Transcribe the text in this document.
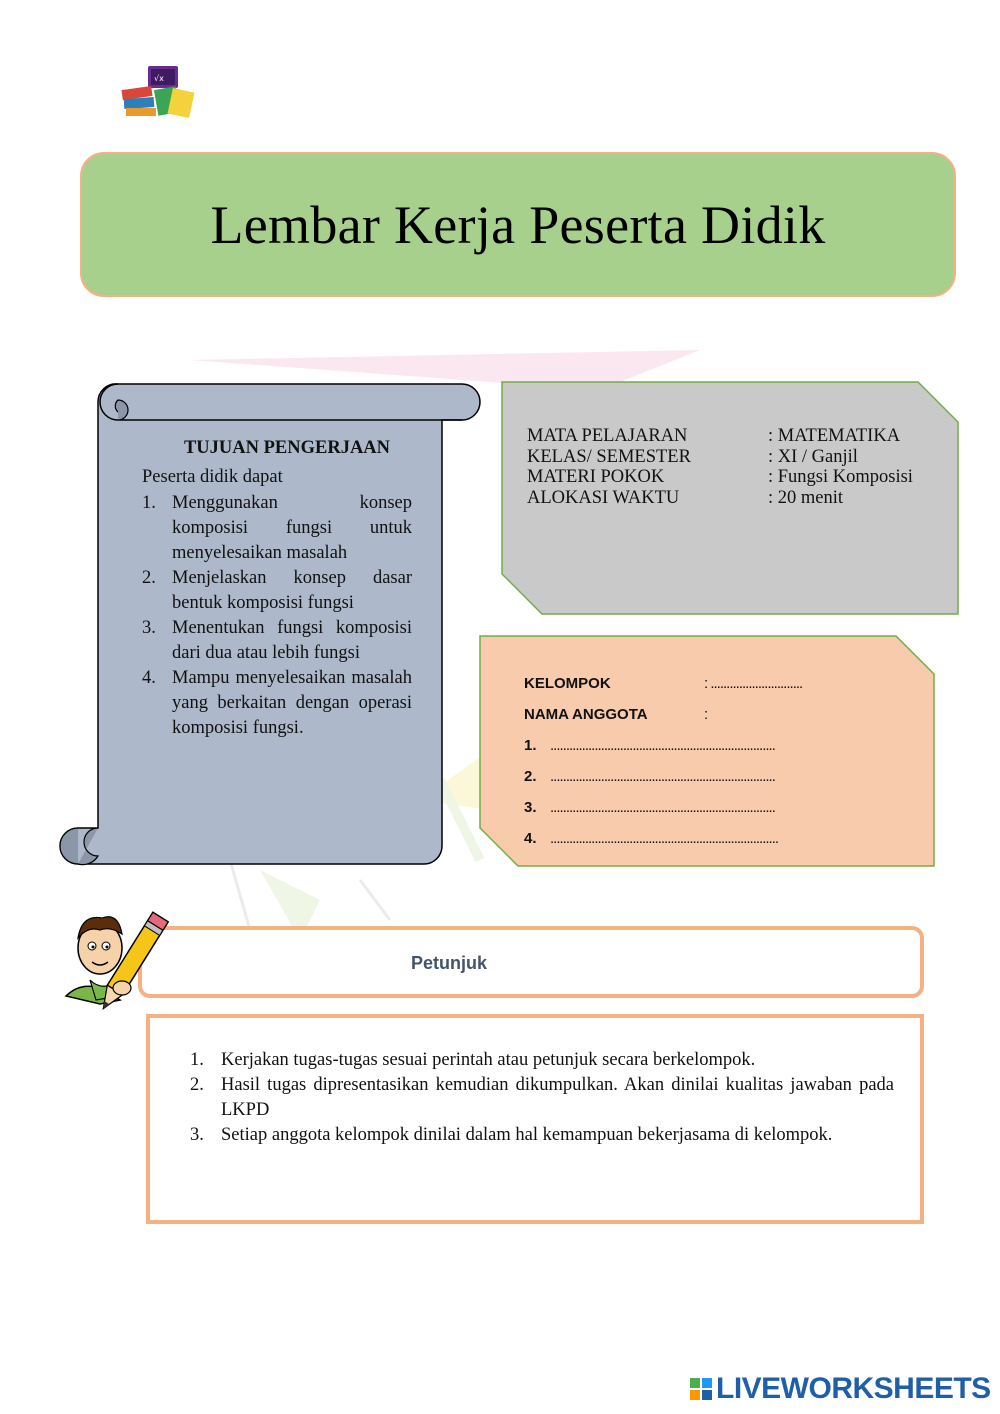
√x
Lembar Kerja Peserta Didik
TUJUAN PENGERJAAN

Peserta didik dapat

1. Menggunakan konsep komposisi fungsi untuk menyelesaikan masalah
2. Menjelaskan konsep dasar bentuk komposisi fungsi
3. Menentukan fungsi komposisi dari dua atau lebih fungsi
4. Mampu menyelesaikan masalah yang berkaitan dengan operasi komposisi fungsi.
MATA PELAJARAN	: MATEMATIKA
KELAS/ SEMESTER	: XI / Ganjil
MATERI POKOK	: Fungsi Komposisi
ALOKASI WAKTU	: 20 menit
KELOMPOK	: .............................
NAMA ANGGOTA	:
1. .......................................................................
2. .......................................................................
3. .......................................................................
4. ........................................................................
Petunjuk
1. Kerjakan tugas-tugas sesuai perintah atau petunjuk secara berkelompok.
2. Hasil tugas dipresentasikan kemudian dikumpulkan. Akan dinilai kualitas jawaban pada LKPD
3. Setiap anggota kelompok dinilai dalam hal kemampuan bekerjasama di kelompok.
LIVEWORKSHEETS
